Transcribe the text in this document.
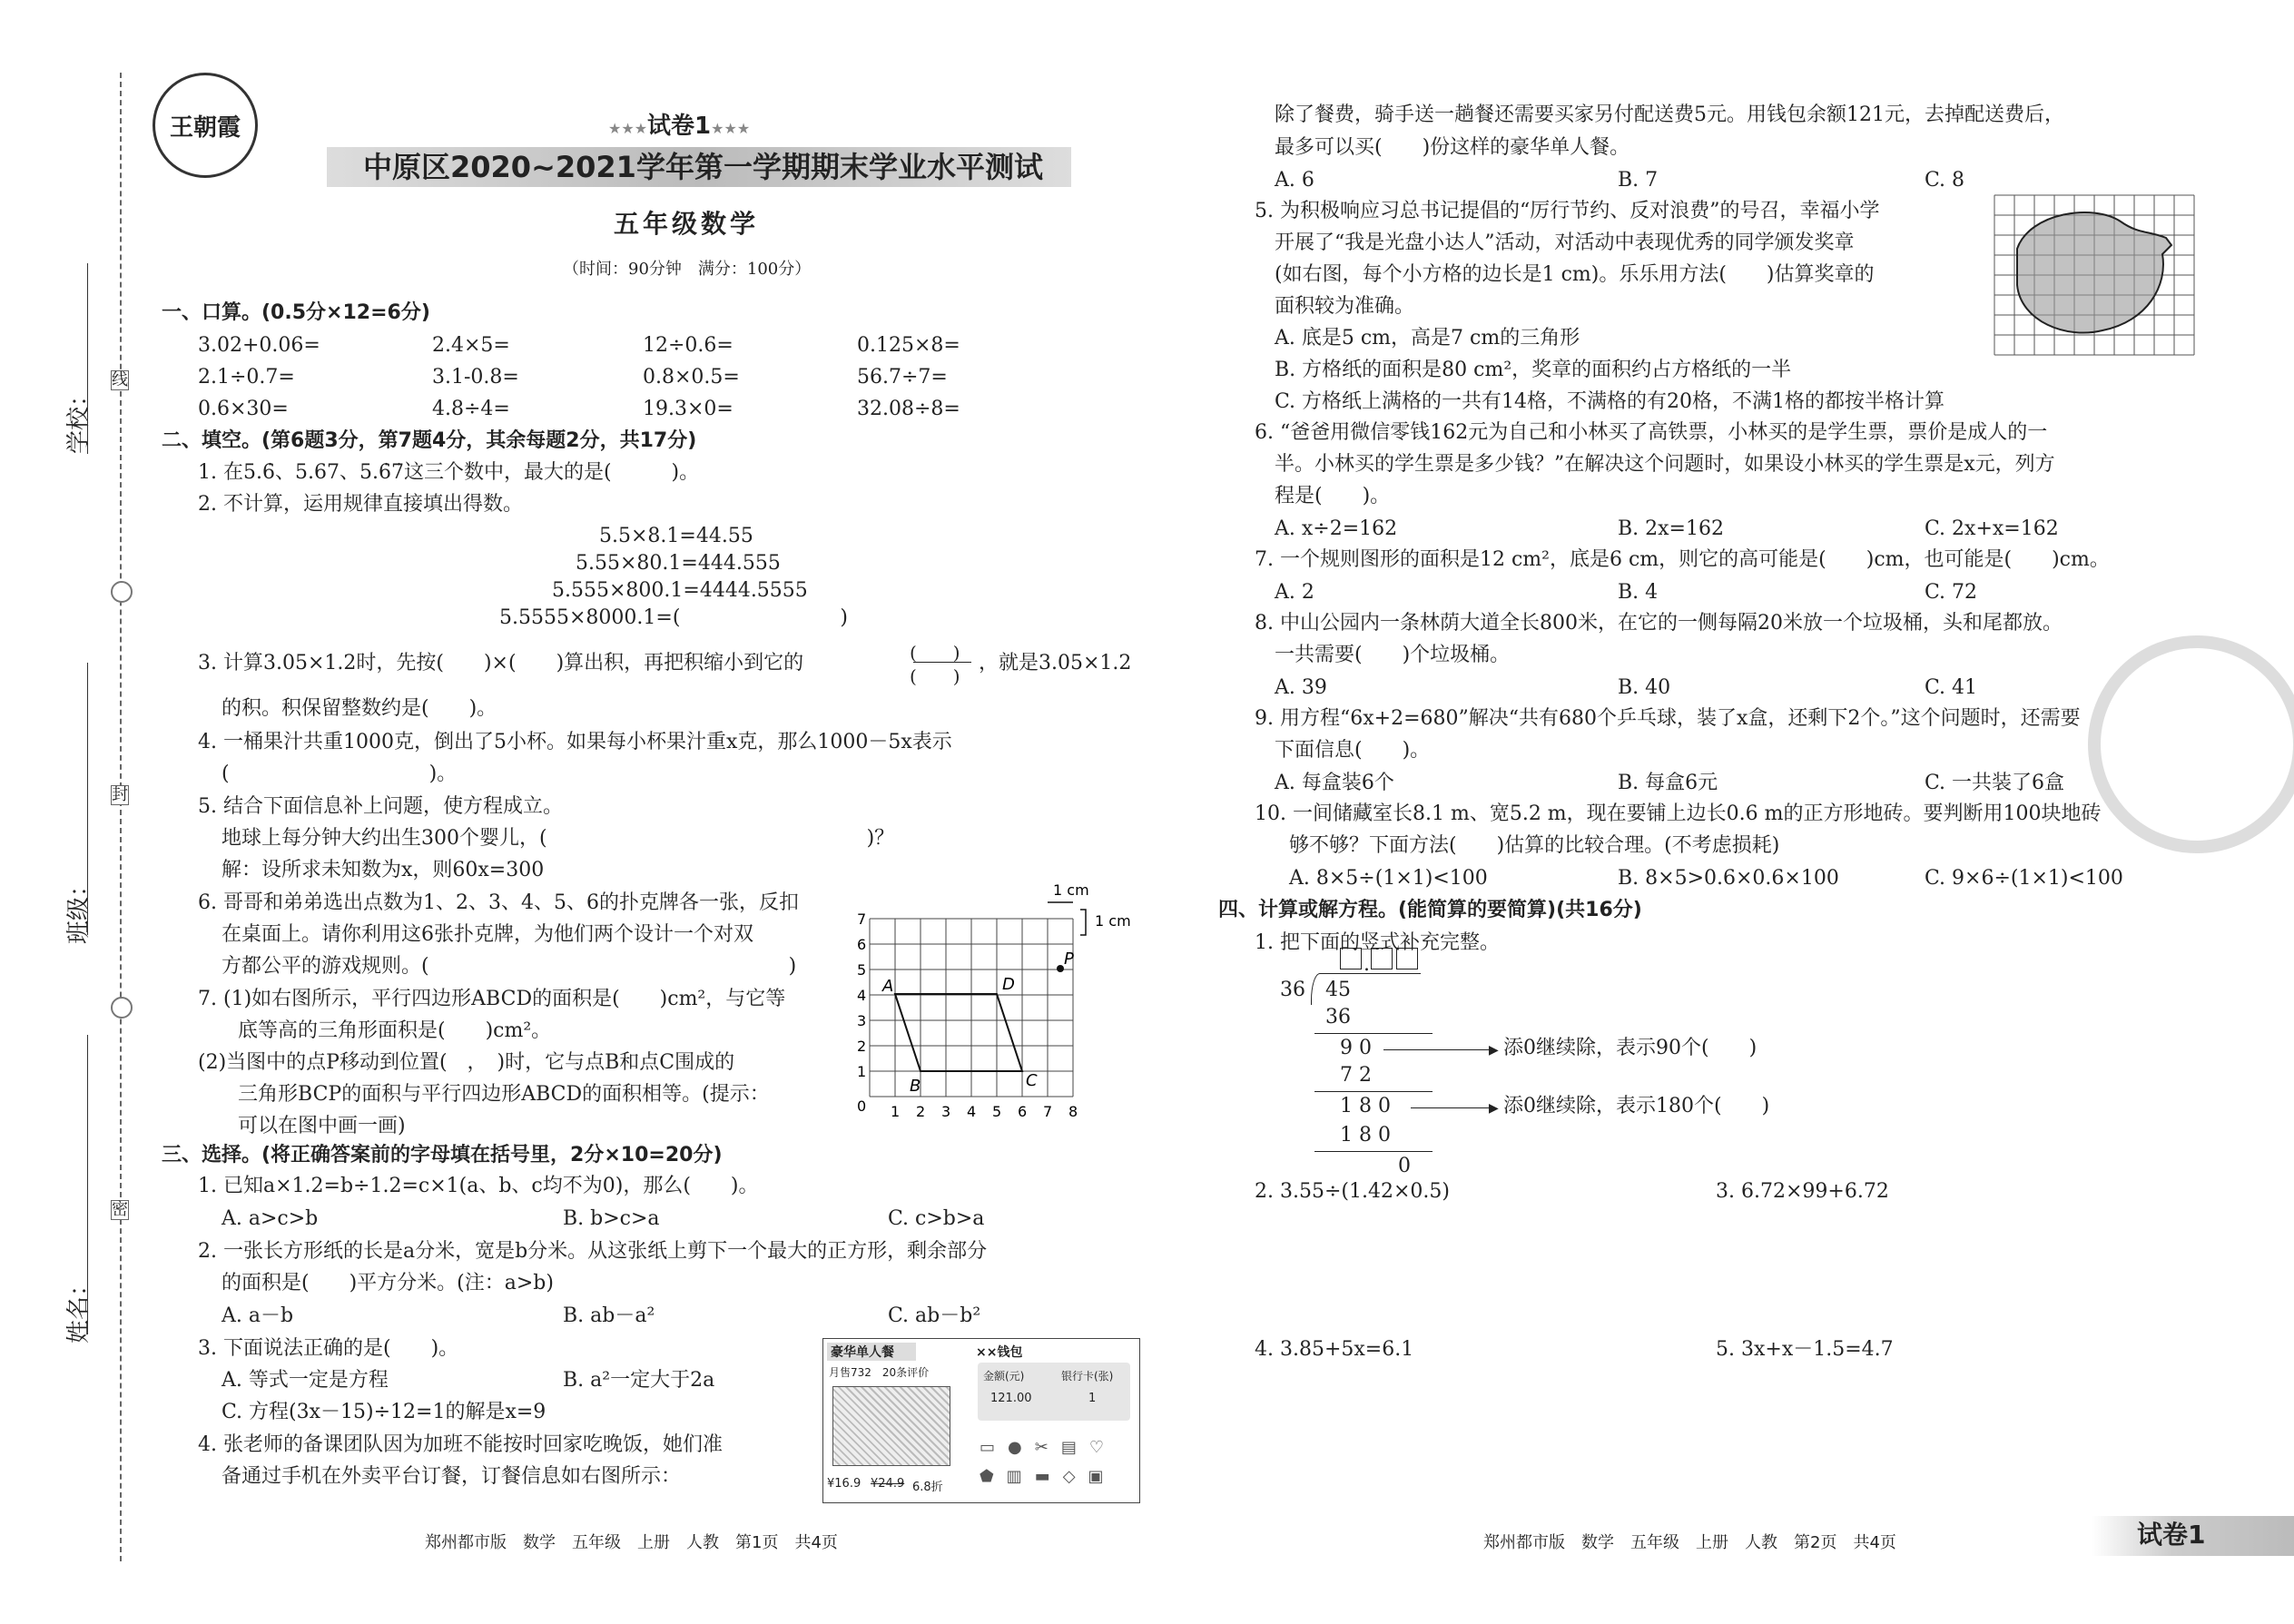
学校：
班级：
姓名：
线
封
密
王朝霞	★★★试卷1★★★
中原区2020~2021学年第一学期期末学业水平测试
五年级数学
（时间：90分钟　满分：100分）
一、口算。(0.5分×12=6分)
3.02+0.06=	2.4×5=	12÷0.6=	0.125×8=
2.1÷0.7=	3.1-0.8=	0.8×0.5=	56.7÷7=
0.6×30=	4.8÷4=	19.3×0=	32.08÷8=
二、填空。(第6题3分，第7题4分，其余每题2分，共17分)
1. 在5.6̇、5.67、5.6̇7̇这三个数中，最大的是(　　　)。
2. 不计算，运用规律直接填出得数。
5.5×8.1=44.55
5.55×80.1=444.555
5.555×800.1=4444.5555
5.5555×8000.1=(　　　　　　　　)
3. 计算3.05×1.2时，先按(　　)×(　　)算出积，再把积缩小到它的	(　　)
(　　)
，就是3.05×1.2
的积。积保留整数约是(　　)。
4. 一桶果汁共重1000克，倒出了5小杯。如果每小杯果汁重x克，那么1000－5x表示
(　　　　　　　　　　)。
5. 结合下面信息补上问题，使方程成立。
地球上每分钟大约出生300个婴儿，(　　　　　　　　　　　　　　　　)？
解：设所求未知数为x，则60x=300
6. 哥哥和弟弟选出点数为1、2、3、4、5、6的扑克牌各一张，反扣
在桌面上。请你利用这6张扑克牌，为他们两个设计一个对双
方都公平的游戏规则。(　　　　　　　　　　　　　　　　　　)
7. (1)如右图所示，平行四边形ABCD的面积是(　　)cm²，与它等
底等高的三角形面积是(　　)cm²。
(2)当图中的点P移动到位置(　，　)时，它与点B和点C围成的
三角形BCP的面积与平行四边形ABCD的面积相等。(提示：
可以在图中画一画)
1 2 3 4 5 6 7 8
1
2
3
4
5
6
7
0
A
B	C
D
P
1 cm
1 cm
三、选择。(将正确答案前的字母填在括号里，2分×10=20分)
1. 已知a×1.2=b÷1.2=c×1(a、b、c均不为0)，那么(　　)。
A. a>c>b	B. b>c>a	C. c>b>a
2. 一张长方形纸的长是a分米，宽是b分米。从这张纸上剪下一个最大的正方形，剩余部分
的面积是(　　)平方分米。(注：a>b)
A. a－b	B. ab－a²	C. ab－b²
3. 下面说法正确的是(　　)。
A. 等式一定是方程	B. a²一定大于2a
C. 方程(3x－15)÷12=1的解是x=9
4. 张老师的备课团队因为加班不能按时回家吃晚饭，她们准
备通过手机在外卖平台订餐，订餐信息如右图所示：
豪华单人餐
月售732　20条评价
¥16.9 ¥24.9 6.8折
××钱包
金额(元)	银行卡(张)
121.00	1
▭●✂▤♡
⬟▥▬◇▣
郑州都市版　数学　五年级　上册　人教　第1页　共4页
除了餐费，骑手送一趟餐还需要买家另付配送费5元。用钱包余额121元，去掉配送费后，
最多可以买(　　)份这样的豪华单人餐。
A. 6	B. 7	C. 8
5. 为积极响应习总书记提倡的“厉行节约、反对浪费”的号召，幸福小学
开展了“我是光盘小达人”活动，对活动中表现优秀的同学颁发奖章
(如右图，每个小方格的边长是1 cm)。乐乐用方法(　　)估算奖章的
面积较为准确。
A. 底是5 cm，高是7 cm的三角形
B. 方格纸的面积是80 cm²，奖章的面积约占方格纸的一半
C. 方格纸上满格的一共有14格，不满格的有20格，不满1格的都按半格计算
6. “爸爸用微信零钱162元为自己和小林买了高铁票，小林买的是学生票，票价是成人的一
半。小林买的学生票是多少钱？”在解决这个问题时，如果设小林买的学生票是x元，列方
程是(　　)。
A. x÷2=162	B. 2x=162	C. 2x+x=162
7. 一个规则图形的面积是12 cm²，底是6 cm，则它的高可能是(　　)cm，也可能是(　　)cm。
A. 2	B. 4	C. 72
8. 中山公园内一条林荫大道全长800米，在它的一侧每隔20米放一个垃圾桶，头和尾都放。
一共需要(　　)个垃圾桶。
A. 39	B. 40	C. 41
9. 用方程“6x+2=680”解决“共有680个乒乓球，装了x盒，还剩下2个。”这个问题时，还需要
下面信息(　　)。
A. 每盒装6个	B. 每盒6元	C. 一共装了6盒
10. 一间储藏室长8.1 m、宽5.2 m，现在要铺上边长0.6 m的正方形地砖。要判断用100块地砖
够不够？下面方法(　　)估算的比较合理。(不考虑损耗)
A. 8×5÷(1×1)<100	B. 8×5>0.6×0.6×100	C. 9×6÷(1×1)<100
四、计算或解方程。(能简算的要简算)(共16分)
1. 把下面的竖式补充完整。
.
36 45
36
9 0	▶ 添0继续除，表示90个(　　)
7 2
1 8 0	▶ 添0继续除，表示180个(　　)
1 8 0
0
2. 3.55÷(1.42×0.5)	3. 6.72×99+6.72
4. 3.85+5x=6.1	5. 3x+x－1.5=4.7
郑州都市版　数学　五年级　上册　人教　第2页　共4页	试卷1
